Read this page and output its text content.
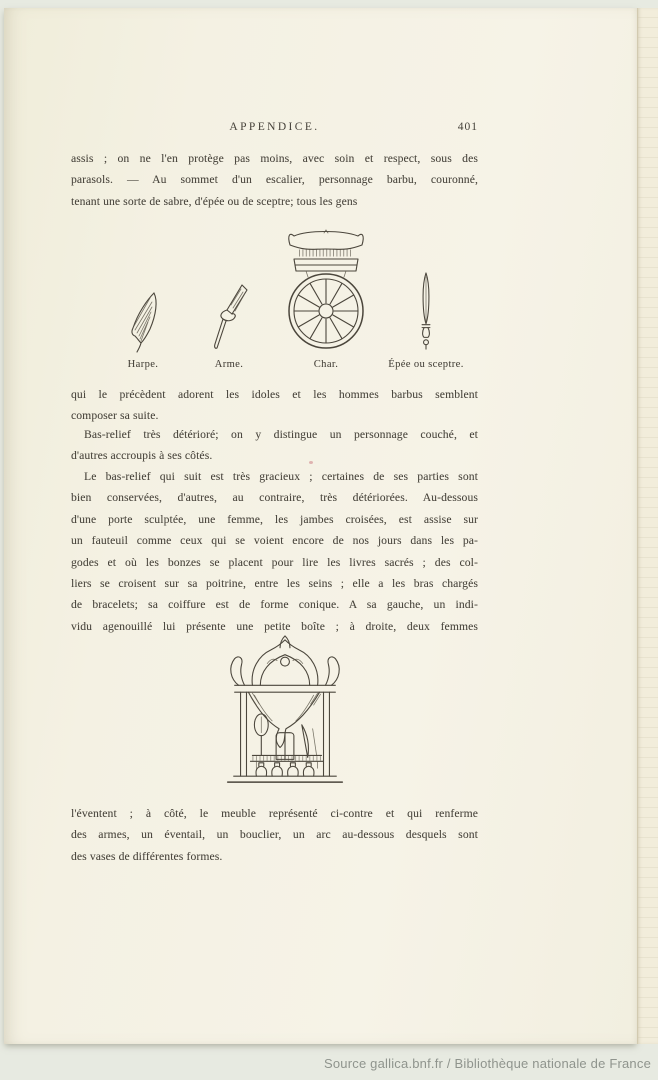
APPENDICE.	401
assis ; on ne l'en protège pas moins, avec soin et respect, sous des
parasols. — Au sommet d'un escalier, personnage barbu, couronné,
tenant une sorte de sabre, d'épée ou de sceptre; tous les gens
Harpe.	Arme.	Char.	Épée ou sceptre.
qui le précèdent adorent les idoles et les hommes barbus semblent
composer sa suite.
Bas-relief très détérioré; on y distingue un personnage couché, et
d'autres accroupis à ses côtés.
Le bas-relief qui suit est très gracieux ; certaines de ses parties sont
bien conservées, d'autres, au contraire, très détériorées. Au-dessous
d'une porte sculptée, une femme, les jambes croisées, est assise sur
un fauteuil comme ceux qui se voient encore de nos jours dans les pa-
godes et où les bonzes se placent pour lire les livres sacrés ; des col-
liers se croisent sur sa poitrine, entre les seins ; elle a les bras chargés
de bracelets; sa coiffure est de forme conique. A sa gauche, un indi-
vidu agenouillé lui présente une petite boîte ; à droite, deux femmes
l'éventent ; à côté, le meuble représenté ci-contre et qui renferme
des armes, un éventail, un bouclier, un arc au-dessous desquels sont
des vases de différentes formes.
Source gallica.bnf.fr / Bibliothèque nationale de France
